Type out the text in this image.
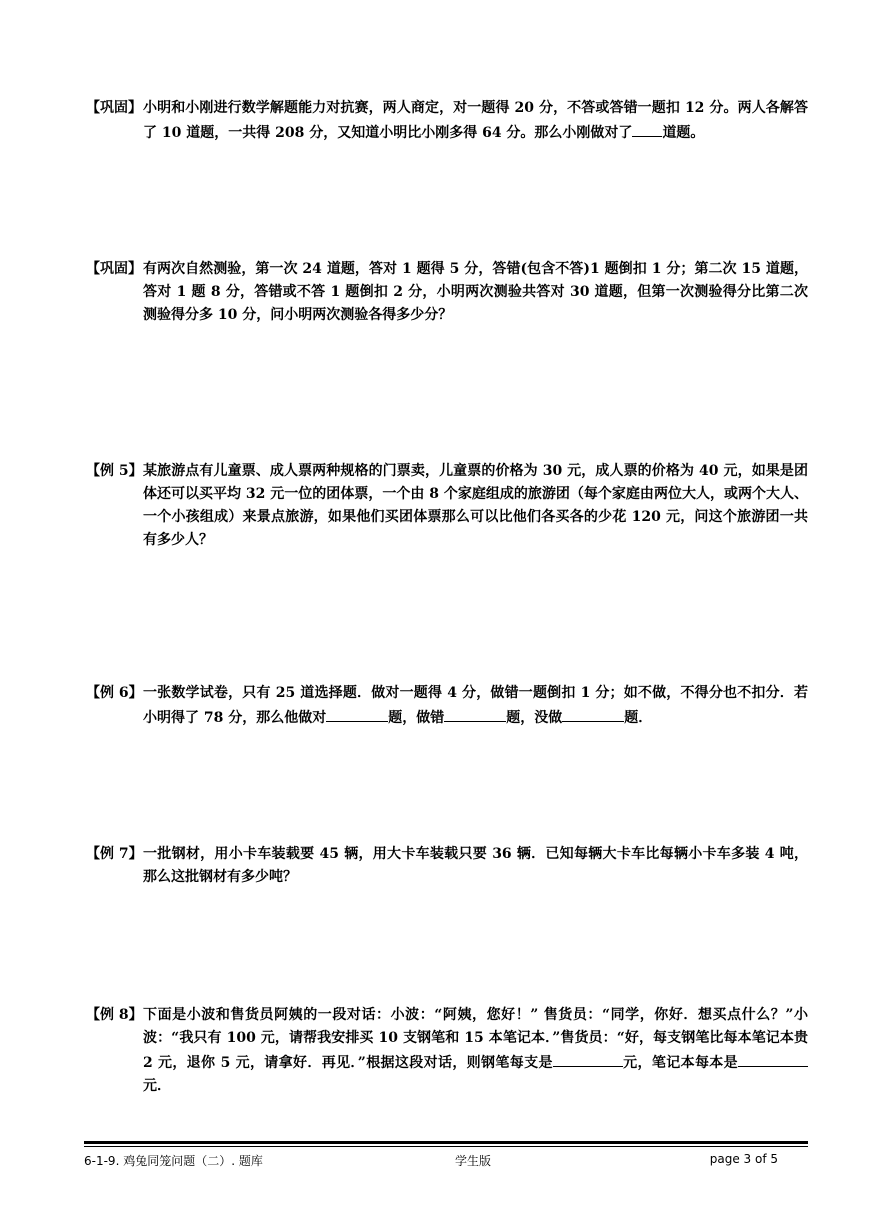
【巩固】 小明和小刚进行数学解题能力对抗赛，两人商定，对一题得 20 分，不答或答错一题扣 12 分。两人各解答了 10 道题，一共得 208 分，又知道小明比小刚多得 64 分。那么小刚做对了 道题。
【巩固】 有两次自然测验，第一次 24 道题，答对 1 题得 5 分，答错(包含不答)1 题倒扣 1 分；第二次 15 道题，答对 1 题 8 分，答错或不答 1 题倒扣 2 分，小明两次测验共答对 30 道题，但第一次测验得分比第二次测验得分多 10 分，问小明两次测验各得多少分？
【例 5】 某旅游点有儿童票、成人票两种规格的门票卖，儿童票的价格为 30 元，成人票的价格为 40 元，如果是团体还可以买平均 32 元一位的团体票，一个由 8 个家庭组成的旅游团（每个家庭由两位大人，或两个大人、一个小孩组成）来景点旅游，如果他们买团体票那么可以比他们各买各的少花 120 元，问这个旅游团一共有多少人？
【例 6】 一张数学试卷，只有 25 道选择题．做对一题得 4 分，做错一题倒扣 1 分；如不做，不得分也不扣分．若小明得了 78 分，那么他做对	题，做错	题，没做	题．
【例 7】 一批钢材，用小卡车装载要 45 辆，用大卡车装载只要 36 辆．已知每辆大卡车比每辆小卡车多装 4 吨，那么这批钢材有多少吨？
【例 8】 下面是小波和售货员阿姨的一段对话：小波：“阿姨，您好！” 售货员：“同学，你好．想买点什么？”小波：“我只有 100 元，请帮我安排买 10 支钢笔和 15 本笔记本．”售货员：“好，每支钢笔比每本笔记本贵 2 元，退你 5 元，请拿好．再见．”根据这段对话，则钢笔每支是	元，笔记本每本是元．
6-1-9. 鸡兔同笼问题（二）. 题库	学生版	page 3 of 5
